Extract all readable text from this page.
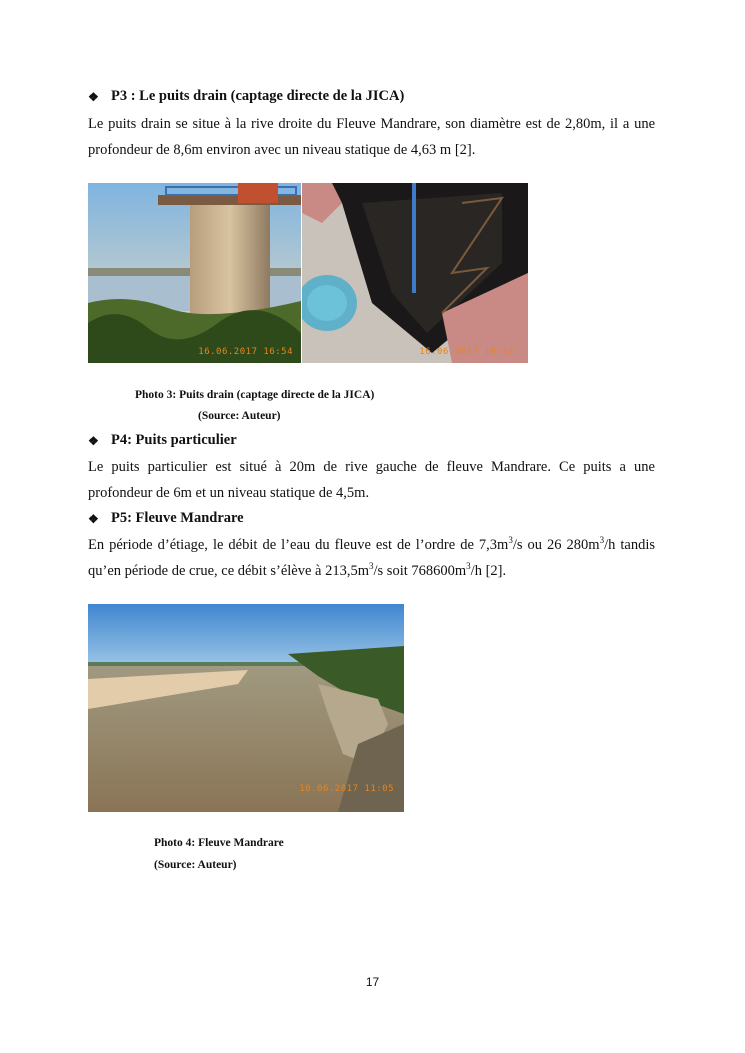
❖ P3 : Le puits drain (captage directe de la JICA)
Le puits drain se situe à la rive droite du Fleuve Mandrare, son diamètre est de 2,80m, il a une
profondeur de 8,6m environ avec un niveau statique de 4,63 m [2].
16.06.2017 16:54	16.06.2017 16:57
Photo 3: Puits drain (captage directe de la JICA)
(Source: Auteur)
❖ P4: Puits particulier
Le puits particulier est situé à 20m de rive gauche de fleuve Mandrare. Ce puits a une
profondeur de 6m et un niveau statique de 4,5m.
❖ P5: Fleuve Mandrare
En période d’étiage, le débit de l’eau du fleuve est de l’ordre de $7,3m^3/s$ ou 26 $280m^3/h$ tandis
qu’en période de crue, ce débit s’élève à $213,5m^3/s$ soit $768600m^3/h$ [2].
16.06.2017 11:05
Photo 4: Fleuve Mandrare
(Source: Auteur)
17
